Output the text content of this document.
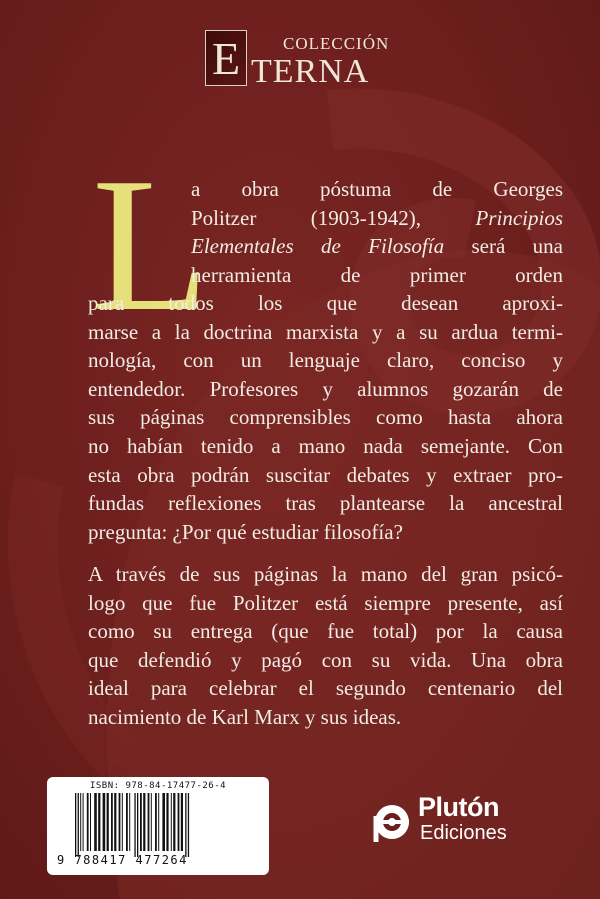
E	COLECCIÓN
TERNA
L
a obra póstuma de Georges
Politzer (1903-1942), Principios
Elementales de Filosofía será una
herramienta de primer orden
para todos los que desean aproxi-
marse a la doctrina marxista y a su ardua termi-
nología, con un lenguaje claro, conciso y
entendedor. Profesores y alumnos gozarán de
sus páginas comprensibles como hasta ahora
no habían tenido a mano nada semejante. Con
esta obra podrán suscitar debates y extraer pro-
fundas reflexiones tras plantearse la ancestral
pregunta: ¿Por qué estudiar filosofía?
A través de sus páginas la mano del gran psicó-
logo que fue Politzer está siempre presente, así
como su entrega (que fue total) por la causa
que defendió y pagó con su vida. Una obra
ideal para celebrar el segundo centenario del
nacimiento de Karl Marx y sus ideas.
ISBN: 978-84-17477-26-4
9 788417 477264
Plutón
Ediciones
